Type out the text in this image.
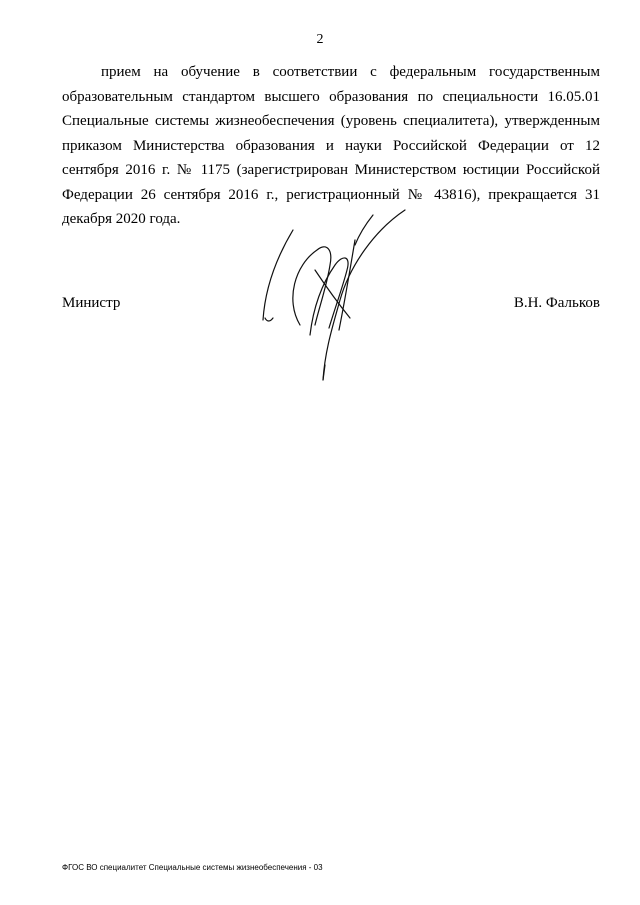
2

прием на обучение в соответствии с федеральным государственным образовательным стандартом высшего образования по специальности 16.05.01 Специальные системы жизнеобеспечения (уровень специалитета), утвержденным приказом Министерства образования и науки Российской Федерации от 12 сентября 2016 г. № 1175 (зарегистрирован Министерством юстиции Российской Федерации 26 сентября 2016 г., регистрационный № 43816), прекращается 31 декабря 2020 года.

Министр	В.Н. Фальков
ФГОС ВО специалитет Специальные системы жизнеобеспечения - 03
